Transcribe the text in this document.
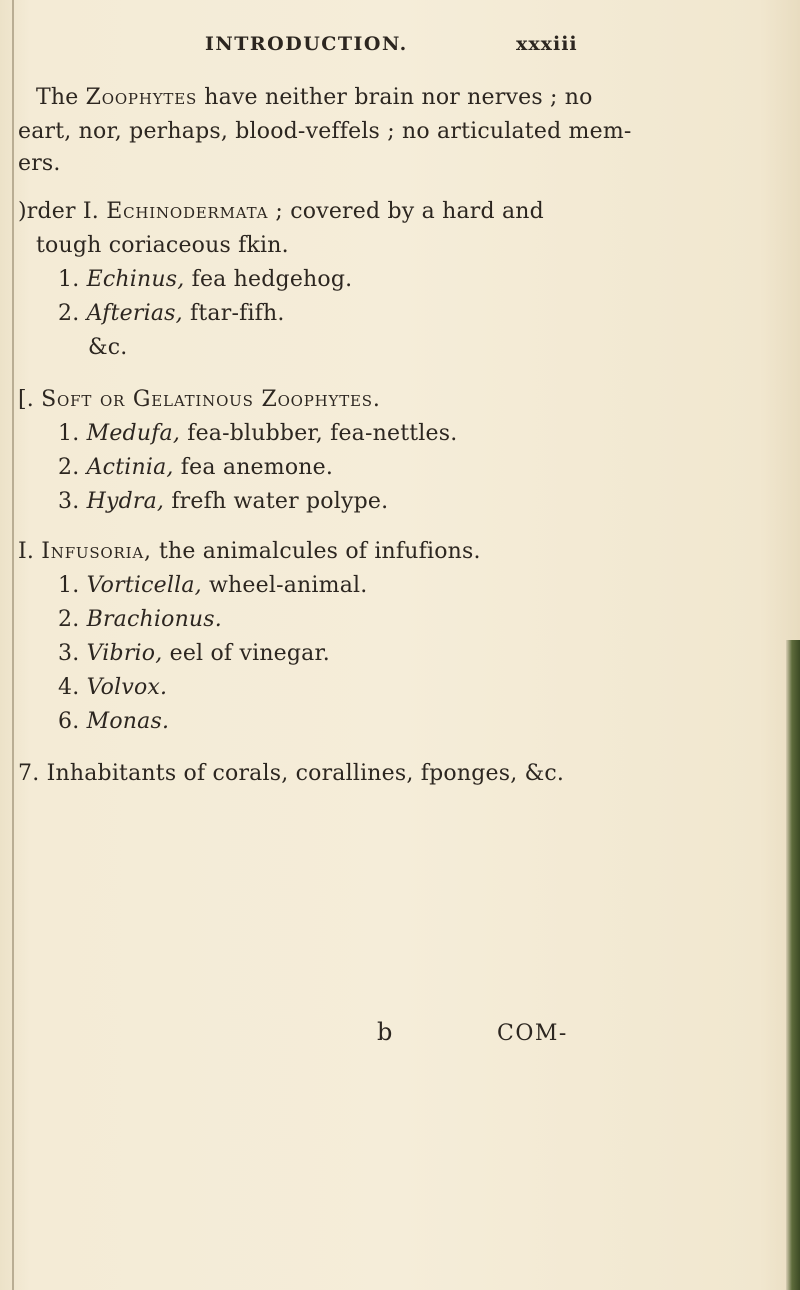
INTRODUCTION.	xxxiii
The Zoophytes have neither brain nor nerves ; no
eart, nor, perhaps, blood-veffels ; no articulated mem-
ers.
)rder I. Echinodermata ; covered by a hard and
tough coriaceous fkin.
1. Echinus, fea hedgehog.
2. Afterias, ftar-fifh.
&c.
[. Soft or Gelatinous Zoophytes.
1. Medufa, fea-blubber, fea-nettles.
2. Actinia, fea anemone.
3. Hydra, frefh water polype.
I. Infusoria, the animalcules of infufions.
1. Vorticella, wheel-animal.
2. Brachionus.
3. Vibrio, eel of vinegar.
4. Volvox.
6. Monas.
7. Inhabitants of corals, corallines, fponges, &c.
b	COM-
